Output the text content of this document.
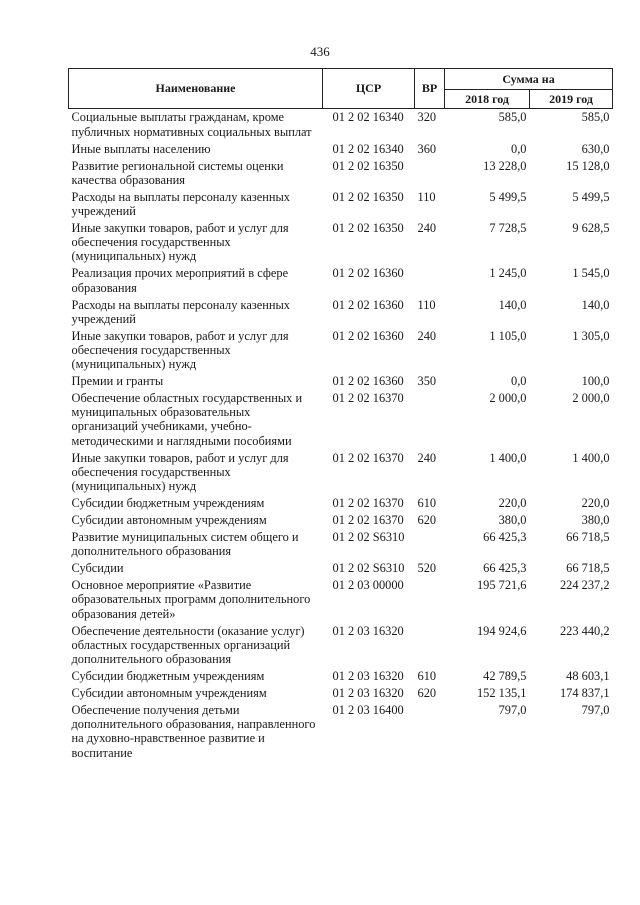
436
Наименование	ЦСР	ВР	Сумма на	
			2018 год	2019 год
Социальные выплаты гражданам, кроме публичных нормативных социальных выплат	01 2 02 16340	320	585,0	585,0
Иные выплаты населению	01 2 02 16340	360	0,0	630,0
Развитие региональной системы оценки качества образования	01 2 02 16350		13 228,0	15 128,0
Расходы на выплаты персоналу казенных учреждений	01 2 02 16350	110	5 499,5	5 499,5
Иные закупки товаров, работ и услуг для обеспечения государственных (муниципальных) нужд	01 2 02 16350	240	7 728,5	9 628,5
Реализация прочих мероприятий в сфере образования	01 2 02 16360		1 245,0	1 545,0
Расходы на выплаты персоналу казенных учреждений	01 2 02 16360	110	140,0	140,0
Иные закупки товаров, работ и услуг для обеспечения государственных (муниципальных) нужд	01 2 02 16360	240	1 105,0	1 305,0
Премии и гранты	01 2 02 16360	350	0,0	100,0
Обеспечение областных государственных и муниципальных образовательных организаций учебниками, учебно-методическими и наглядными пособиями	01 2 02 16370		2 000,0	2 000,0
Иные закупки товаров, работ и услуг для обеспечения государственных (муниципальных) нужд	01 2 02 16370	240	1 400,0	1 400,0
Субсидии бюджетным учреждениям	01 2 02 16370	610	220,0	220,0
Субсидии автономным учреждениям	01 2 02 16370	620	380,0	380,0
Развитие муниципальных систем общего и дополнительного образования	01 2 02 S6310		66 425,3	66 718,5
Субсидии	01 2 02 S6310	520	66 425,3	66 718,5
Основное мероприятие «Развитие образовательных программ дополнительного образования детей»	01 2 03 00000		195 721,6	224 237,2
Обеспечение деятельности (оказание услуг) областных государственных организаций дополнительного образования	01 2 03 16320		194 924,6	223 440,2
Субсидии бюджетным учреждениям	01 2 03 16320	610	42 789,5	48 603,1
Субсидии автономным учреждениям	01 2 03 16320	620	152 135,1	174 837,1
Обеспечение получения детьми дополнительного образования, направленного на духовно-нравственное развитие и воспитание	01 2 03 16400		797,0	797,0
